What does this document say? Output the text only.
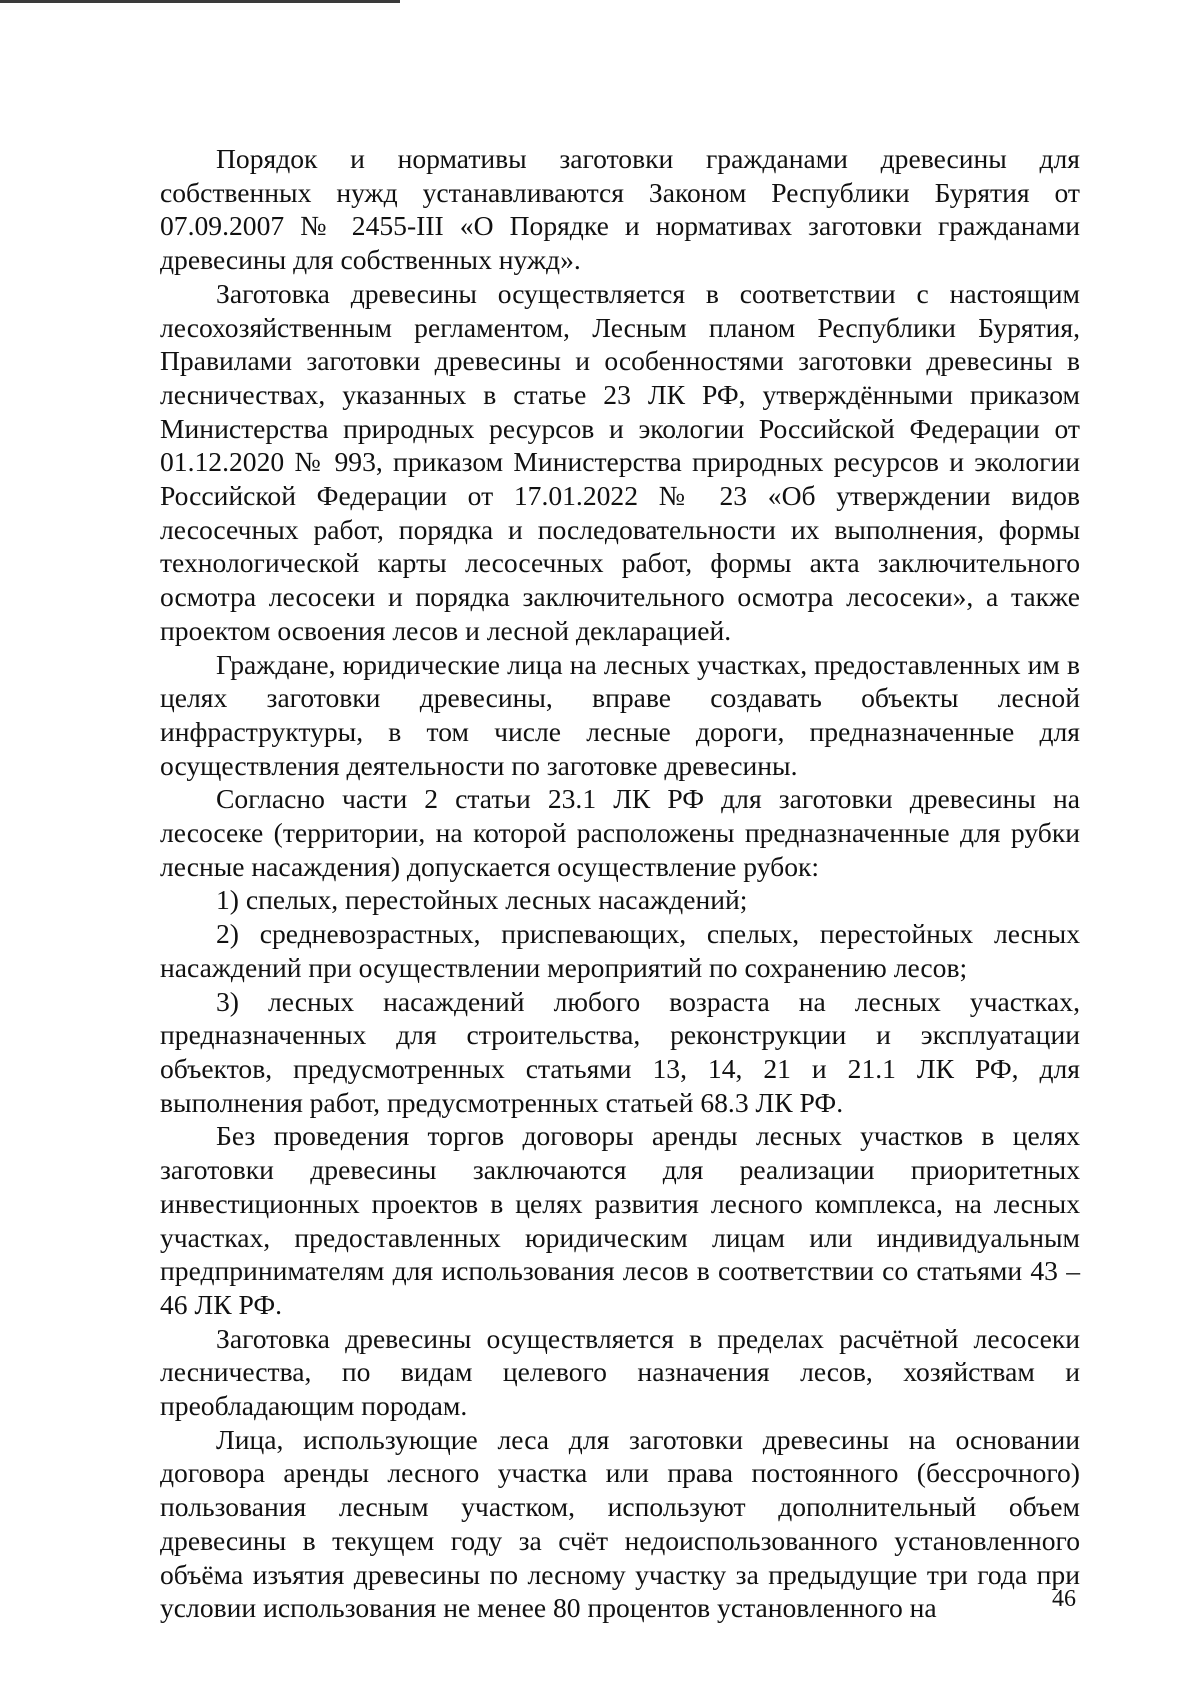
Порядок и нормативы заготовки гражданами древесины для собственных нужд устанавливаются Законом Республики Бурятия от 07.09.2007 № 2455-III «О Порядке и нормативах заготовки гражданами древесины для собственных нужд».

Заготовка древесины осуществляется в соответствии с настоящим лесохозяйственным регламентом, Лесным планом Республики Бурятия, Правилами заготовки древесины и особенностями заготовки древесины в лесничествах, указанных в статье 23 ЛК РФ, утверждёнными приказом Министерства природных ресурсов и экологии Российской Федерации от 01.12.2020 № 993, приказом Министерства природных ресурсов и экологии Российской Федерации от 17.01.2022 № 23 «Об утверждении видов лесосечных работ, порядка и последовательности их выполнения, формы технологической карты лесосечных работ, формы акта заключительного осмотра лесосеки и порядка заключительного осмотра лесосеки», а также проектом освоения лесов и лесной декларацией.

Граждане, юридические лица на лесных участках, предоставленных им в целях заготовки древесины, вправе создавать объекты лесной инфраструктуры, в том числе лесные дороги, предназначенные для осуществления деятельности по заготовке древесины.

Согласно части 2 статьи 23.1 ЛК РФ для заготовки древесины на лесосеке (территории, на которой расположены предназначенные для рубки лесные насаждения) допускается осуществление рубок:

1) спелых, перестойных лесных насаждений;

2) средневозрастных, приспевающих, спелых, перестойных лесных насаждений при осуществлении мероприятий по сохранению лесов;

3) лесных насаждений любого возраста на лесных участках, предназначенных для строительства, реконструкции и эксплуатации объектов, предусмотренных статьями 13, 14, 21 и 21.1 ЛК РФ, для выполнения работ, предусмотренных статьей 68.3 ЛК РФ.

Без проведения торгов договоры аренды лесных участков в целях заготовки древесины заключаются для реализации приоритетных инвестиционных проектов в целях развития лесного комплекса, на лесных участках, предоставленных юридическим лицам или индивидуальным предпринимателям для использования лесов в соответствии со статьями 43 – 46 ЛК РФ.

Заготовка древесины осуществляется в пределах расчётной лесосеки лесничества, по видам целевого назначения лесов, хозяйствам и преобладающим породам.

Лица, использующие леса для заготовки древесины на основании договора аренды лесного участка или права постоянного (бессрочного) пользования лесным участком, используют дополнительный объем древесины в текущем году за счёт недоиспользованного установленного объёма изъятия древесины по лесному участку за предыдущие три года при условии использования не менее 80 процентов установленного на	46
